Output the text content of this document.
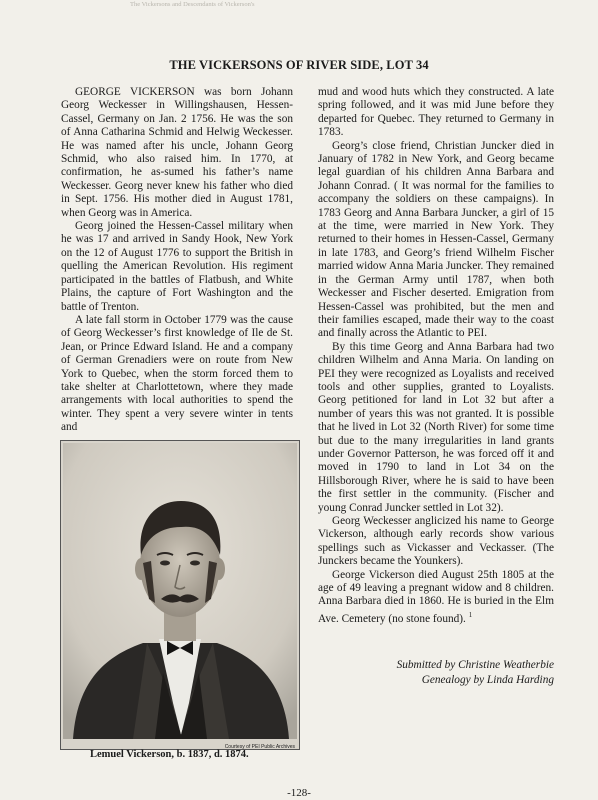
The Vickersons and Descendants of Vickerson's
THE VICKERSONS OF RIVER SIDE, LOT 34

GEORGE VICKERSON was born Johann Georg Weckesser in Willingshausen, Hessen-Cassel, Germany on Jan. 2 1756. He was the son of Anna Catharina Schmid and Helwig Weckesser. He was named after his uncle, Johann Georg Schmid, who also raised him. In 1770, at confirmation, he as-sumed his father’s name Weckesser. Georg never knew his father who died in Sept. 1756. His mother died in August 1781, when Georg was in America.

Georg joined the Hessen-Cassel military when he was 17 and arrived in Sandy Hook, New York on the 12 of August 1776 to support the British in quelling the American Revolution. His regiment participated in the battles of Flatbush, and White Plains, the capture of Fort Washington and the battle of Trenton.

A late fall storm in October 1779 was the cause of Georg Weckesser’s first knowledge of Ile de St. Jean, or Prince Edward Island. He and a company of German Grenadiers were on route from New York to Quebec, when the storm forced them to take shelter at Charlottetown, where they made arrangements with local authorities to spend the winter. They spent a very severe winter in tents and

Courtesy of PEI Public Archives
Lemuel Vickerson, b. 1837, d. 1874.

mud and wood huts which they constructed. A late spring followed, and it was mid June before they departed for Quebec. They returned to Germany in 1783.

Georg’s close friend, Christian Juncker died in January of 1782 in New York, and Georg became legal guardian of his children Anna Barbara and Johann Conrad. ( It was normal for the families to accompany the soldiers on these campaigns). In 1783 Georg and Anna Barbara Juncker, a girl of 15 at the time, were married in New York. They returned to their homes in Hessen-Cassel, Germany in late 1783, and Georg’s friend Wilhelm Fischer married widow Anna Maria Juncker. They remained in the German Army until 1787, when both Weckesser and Fischer deserted. Emigration from Hessen-Cassel was prohibited, but the men and their families escaped, made their way to the coast and finally across the Atlantic to PEI.

By this time Georg and Anna Barbara had two children Wilhelm and Anna Maria. On landing on PEI they were recognized as Loyalists and received tools and other supplies, granted to Loyalists. Georg petitioned for land in Lot 32 but after a number of years this was not granted. It is possible that he lived in Lot 32 (North River) for some time but due to the many irregularities in land grants under Governor Patterson, he was forced off it and moved in 1790 to land in Lot 34 on the Hillsborough River, where he is said to have been the first settler in the community. (Fischer and young Conrad Juncker settled in Lot 32).

Georg Weckesser anglicized his name to George Vickerson, although early records show various spellings such as Vickasser and Veckasser. (The Junckers became the Younkers).

George Vickerson died August 25th 1805 at the age of 49 leaving a pregnant widow and 8 children. Anna Barbara died in 1860. He is buried in the Elm Ave. Cemetery (no stone found). $^1$

Submitted by Christine Weatherbie
Genealogy by Linda Harding
-128-
